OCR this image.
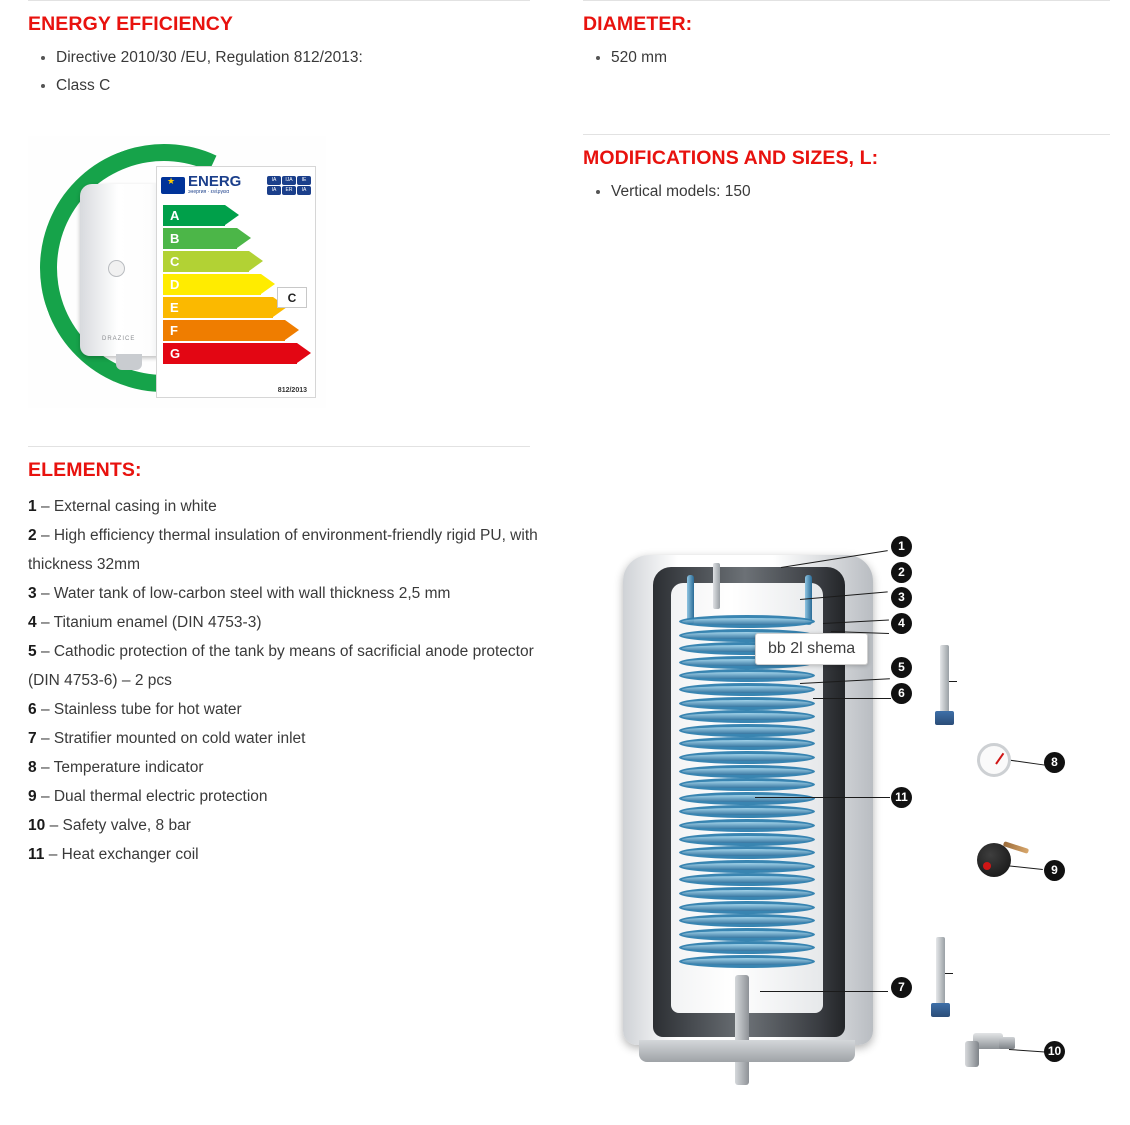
ENERGY EFFICIENCY
• Directive 2010/30 /EU, Regulation 812/2013:
• Class C
DRAZICE
★
ENERG
энергия · ενέργεια
IA	IJA	IE
IA	ER	IA
A
B
C
D
E
F
G
C
812/2013
ELEMENTS:

1 – External casing in white

2 – High efficiency thermal insulation of environment-friendly rigid PU, with thickness 32mm

3 – Water tank of low-carbon steel with wall thickness 2,5 mm

4 – Titanium enamel (DIN 4753-3)

5 – Cathodic protection of the tank by means of sacrificial anode protector (DIN 4753-6) – 2 pcs

6 – Stainless tube for hot water

7 – Stratifier mounted on cold water inlet

8 – Temperature indicator

9 – Dual thermal electric protection

10 – Safety valve, 8 bar

11 – Heat exchanger coil

DIAMETER:
• 520 mm
MODIFICATIONS AND SIZES, L:
• Vertical models: 150
bb 2l shema
1
2
3
4
5
6
7
8
9
10
11
